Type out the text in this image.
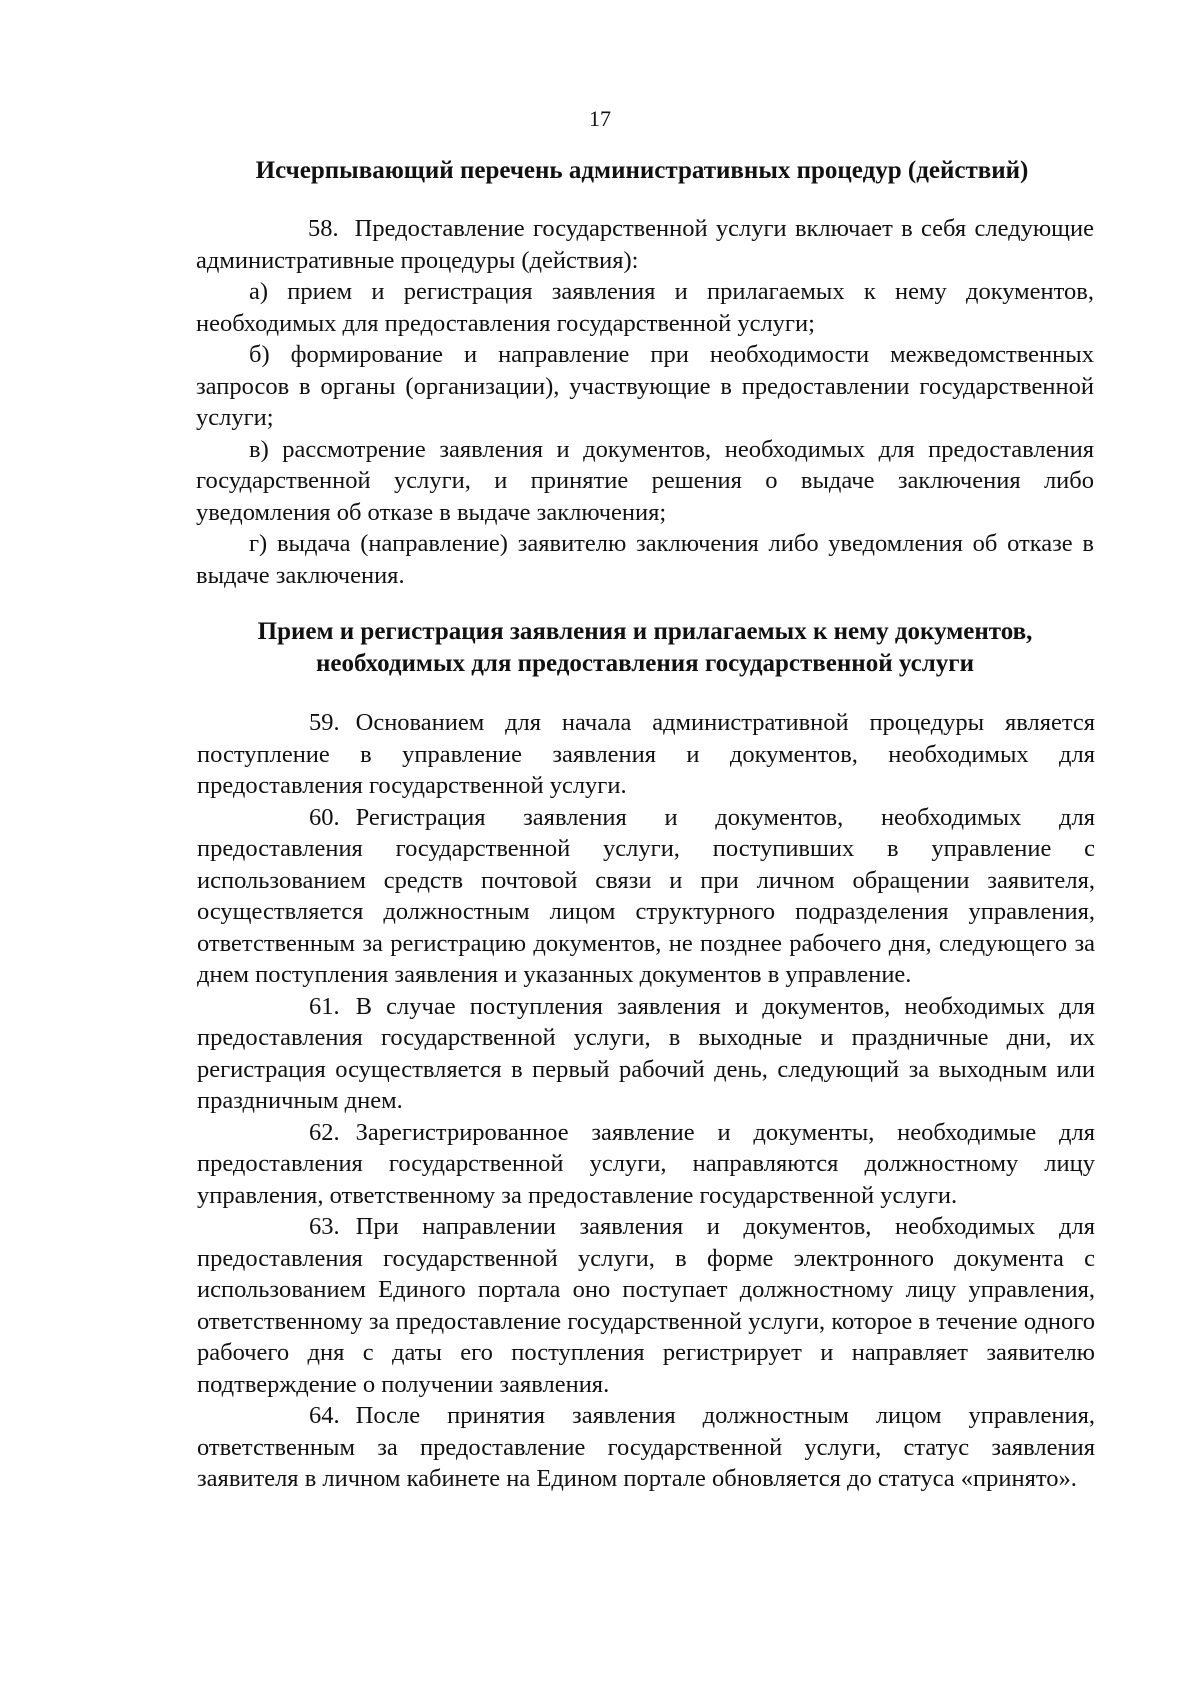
17
Исчерпывающий перечень административных процедур (действий)

58. Предоставление государственной услуги включает в себя следующие административные процедуры (действия):

а) прием и регистрация заявления и прилагаемых к нему документов, необходимых для предоставления государственной услуги;

б) формирование и направление при необходимости межведомственных запросов в органы (организации), участвующие в предоставлении государственной услуги;

в) рассмотрение заявления и документов, необходимых для предоставления государственной услуги, и принятие решения о выдаче заключения либо уведомления об отказе в выдаче заключения;

г) выдача (направление) заявителю заключения либо уведомления об отказе в выдаче заключения.

Прием и регистрация заявления и прилагаемых к нему документов,
необходимых для предоставления государственной услуги

59. Основанием для начала административной процедуры является поступление в управление заявления и документов, необходимых для предоставления государственной услуги.

60. Регистрация заявления и документов, необходимых для предоставления государственной услуги, поступивших в управление с использованием средств почтовой связи и при личном обращении заявителя, осуществляется должностным лицом структурного подразделения управления, ответственным за регистрацию документов, не позднее рабочего дня, следующего за днем поступления заявления и указанных документов в управление.

61. В случае поступления заявления и документов, необходимых для предоставления государственной услуги, в выходные и праздничные дни, их регистрация осуществляется в первый рабочий день, следующий за выходным или праздничным днем.

62. Зарегистрированное заявление и документы, необходимые для предоставления государственной услуги, направляются должностному лицу управления, ответственному за предоставление государственной услуги.

63. При направлении заявления и документов, необходимых для предоставления государственной услуги, в форме электронного документа с использованием Единого портала оно поступает должностному лицу управления, ответственному за предоставление государственной услуги, которое в течение одного рабочего дня с даты его поступления регистрирует и направляет заявителю подтверждение о получении заявления.

64. После принятия заявления должностным лицом управления, ответственным за предоставление государственной услуги, статус заявления заявителя в личном кабинете на Едином портале обновляется до статуса «принято».
